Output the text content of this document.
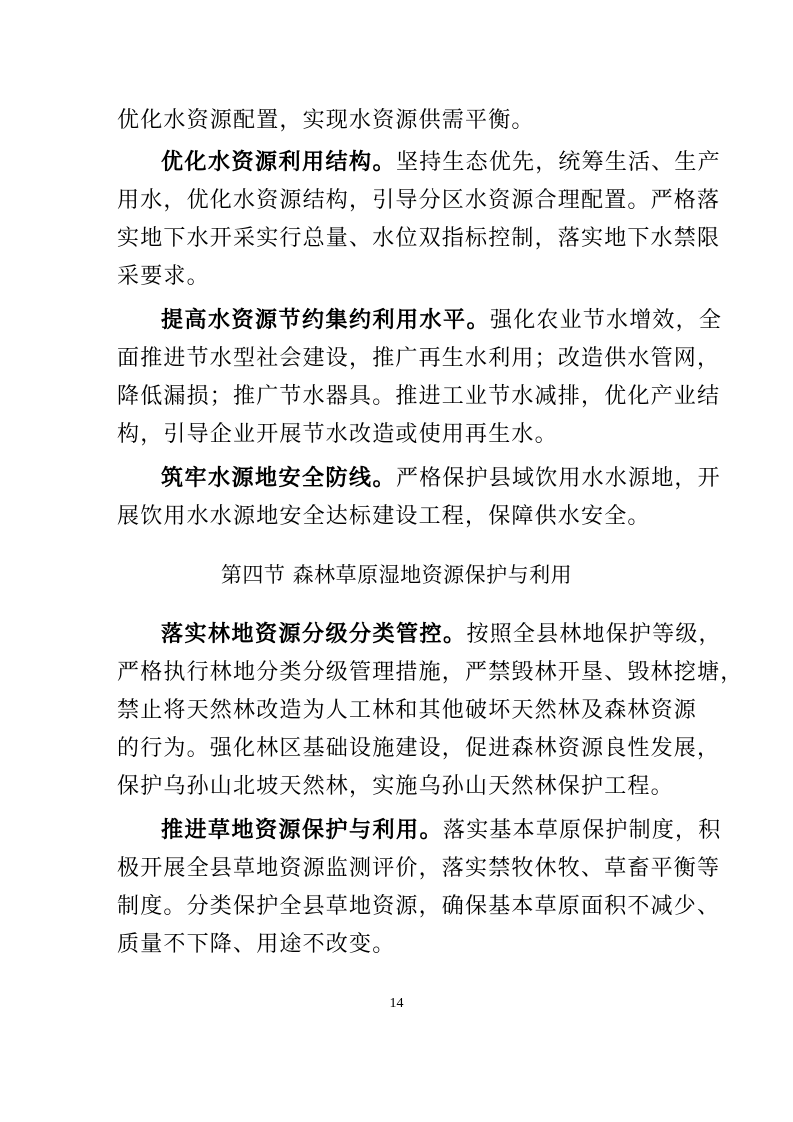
优化水资源配置，实现水资源供需平衡。
优化水资源利用结构。坚持生态优先，统筹生活、生产
用水，优化水资源结构，引导分区水资源合理配置。严格落
实地下水开采实行总量、水位双指标控制，落实地下水禁限
采要求。
提高水资源节约集约利用水平。强化农业节水增效，全
面推进节水型社会建设，推广再生水利用；改造供水管网，
降低漏损；推广节水器具。推进工业节水减排，优化产业结
构，引导企业开展节水改造或使用再生水。
筑牢水源地安全防线。严格保护县域饮用水水源地，开
展饮用水水源地安全达标建设工程，保障供水安全。
第四节 森林草原湿地资源保护与利用
落实林地资源分级分类管控。按照全县林地保护等级，
严格执行林地分类分级管理措施，严禁毁林开垦、毁林挖塘，
禁止将天然林改造为人工林和其他破坏天然林及森林资源
的行为。强化林区基础设施建设，促进森林资源良性发展，
保护乌孙山北坡天然林，实施乌孙山天然林保护工程。
推进草地资源保护与利用。落实基本草原保护制度，积
极开展全县草地资源监测评价，落实禁牧休牧、草畜平衡等
制度。分类保护全县草地资源，确保基本草原面积不减少、
质量不下降、用途不改变。
14
